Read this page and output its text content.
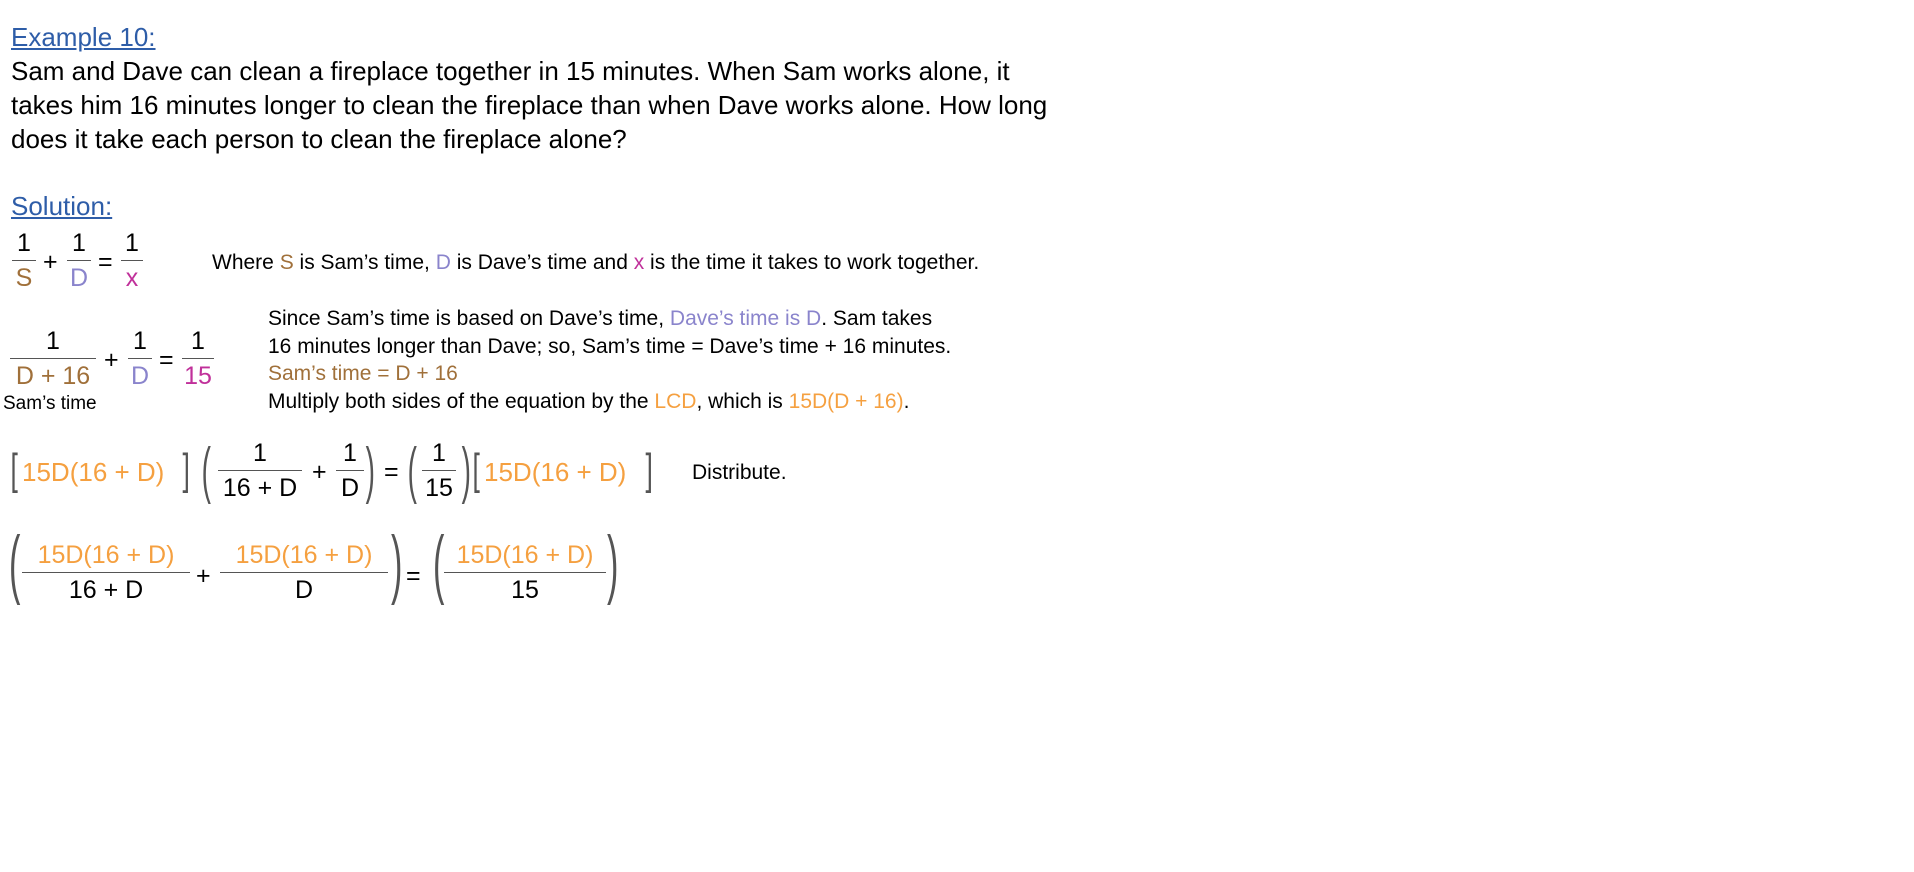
Example 10:
Sam and Dave can clean a fireplace together in 15 minutes. When Sam works alone, it takes him 16 minutes longer to clean the fireplace than when Dave works alone. How long does it take each person to clean the fireplace alone?
Solution:
1
S
+
1
D
=
1
x
Where S is Sam’s time, D is Dave’s time and x is the time it takes to work together.
1
D + 16
+
1
D
=
1
15
Sam’s time
Since Sam’s time is based on Dave’s time, Dave’s time is D. Sam takes
16 minutes longer than Dave; so, Sam’s time = Dave’s time + 16 minutes.
Sam’s time = D + 16
Multiply both sides of the equation by the LCD, which is 15D(D + 16).
[ 15D(16 + D) ] ( 1
16 + D
+
1
D ) = ( 1
15 ) [ 15D(16 + D) ] Distribute.
( 15D(16 + D)
16 + D +
15D(16 + D)
D ) = ( 15D(16 + D)
15 )
